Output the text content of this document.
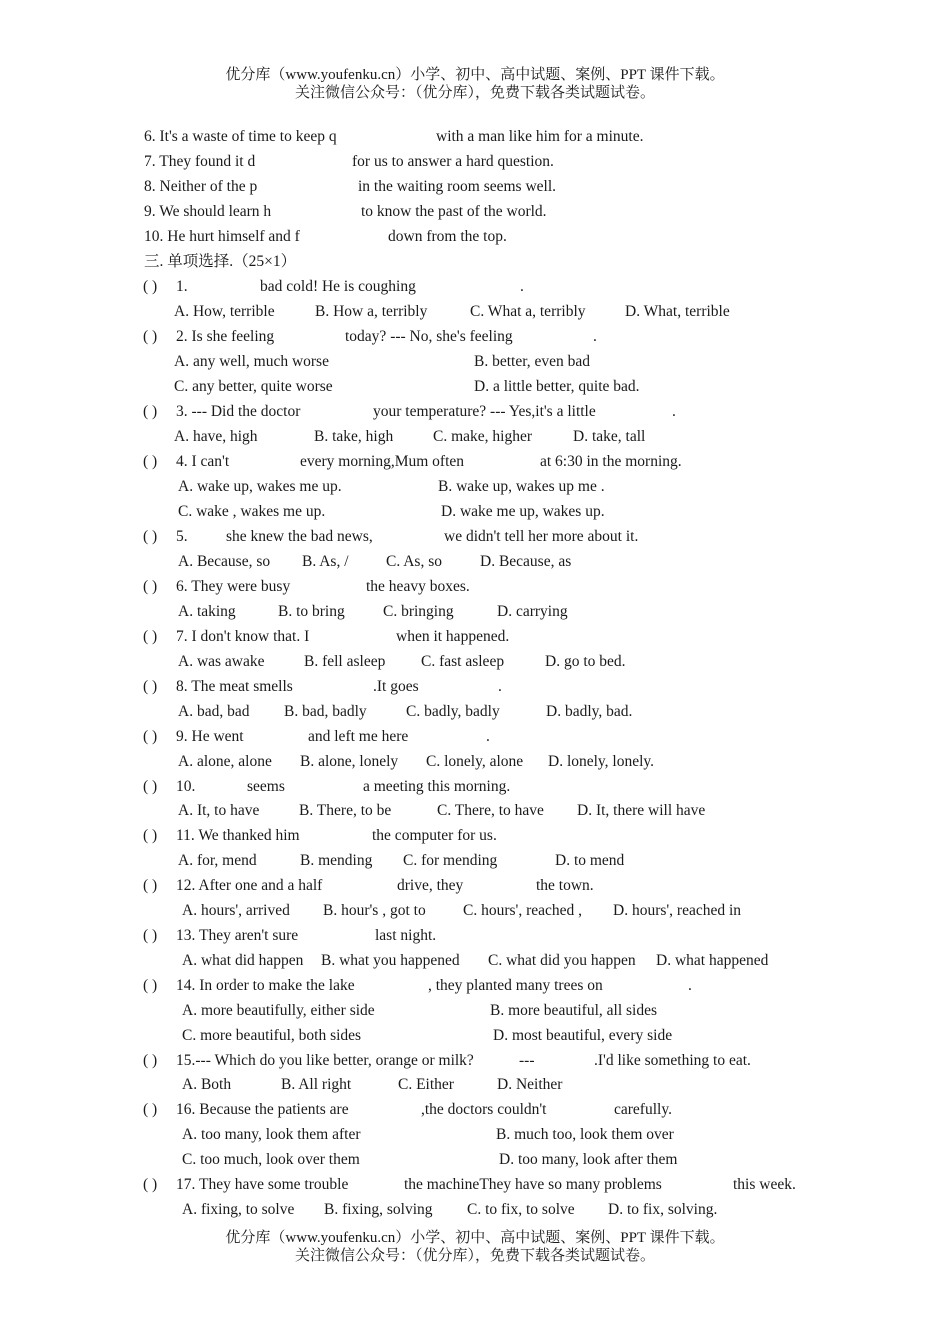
优分库（www.youfenku.cn）小学、初中、高中试题、案例、PPT 课件下载。
关注微信公众号：（优分库），免费下载各类试题试卷。
6. It's a waste of time to keep q	with a man like him for a minute.
7. They found it d	for us to answer a hard question.
8. Neither of the p	in the waiting room seems well.
9. We should learn h	to know the past of the world.
10. He hurt himself and f	down from the top.
三. 单项选择.（25×1）
( ) 1.	bad cold! He is coughing	.
A. How, terrible	B. How a, terribly	C. What a, terribly	D. What, terrible
( ) 2. Is she feeling	today? --- No, she's feeling	.
A. any well, much worse	B. better, even bad
C. any better, quite worse	D. a little better, quite bad.
( ) 3. --- Did the doctor	your temperature? --- Yes,it's a little	.
A. have, high	B. take, high	C. make, higher	D. take, tall
( ) 4. I can't	every morning,Mum often	at 6:30 in the morning.
A. wake up, wakes me up.	B. wake up, wakes up me .
C. wake , wakes me up.	D. wake me up, wakes up.
( ) 5. she knew the bad news,	we didn't tell her more about it.
A. Because, so B. As, / C. As, so D. Because, as
( ) 6. They were busy	the heavy boxes.
A. taking	B. to bring C. bringing	D. carrying
( ) 7. I don't know that. I	when it happened.
A. was awake	B. fell asleep C. fast asleep	D. go to bed.
( ) 8. The meat smells	.It goes	.
A. bad, bad B. bad, badly	C. badly, badly	D. badly, bad.
( ) 9. He went	and left me here	.
A. alone, alone B. alone, lonely C. lonely, alone D. lonely, lonely.
( ) 10.	seems	a meeting this morning.
A. It, to have	B. There, to be	C. There, to have D. It, there will have
( ) 11. We thanked him	the computer for us.
A. for, mend	B. mending C. for mending	D. to mend
( ) 12. After one and a half	drive, they	the town.
A. hours', arrived B. hour's , got to C. hours', reached , D. hours', reached in
( ) 13. They aren't sure	last night.
A. what did happen B. what you happened C. what did you happen D. what happened
( ) 14. In order to make the lake	, they planted many trees on	.
A. more beautifully, either side	B. more beautiful, all sides
C. more beautiful, both sides	D. most beautiful, every side
( ) 15.--- Which do you like better, orange or milk?	---	.I'd like something to eat.
A. Both	B. All right	C. Either	D. Neither
( ) 16. Because the patients are	,the doctors couldn't	carefully.
A. too many, look them after	B. much too, look them over
C. too much, look over them	D. too many, look after them
( ) 17. They have some trouble	the machineThey have so many problems	this week.
A. fixing, to solve B. fixing, solving C. to fix, to solve D. to fix, solving.
优分库（www.youfenku.cn）小学、初中、高中试题、案例、PPT 课件下载。
关注微信公众号：（优分库），免费下载各类试题试卷。
